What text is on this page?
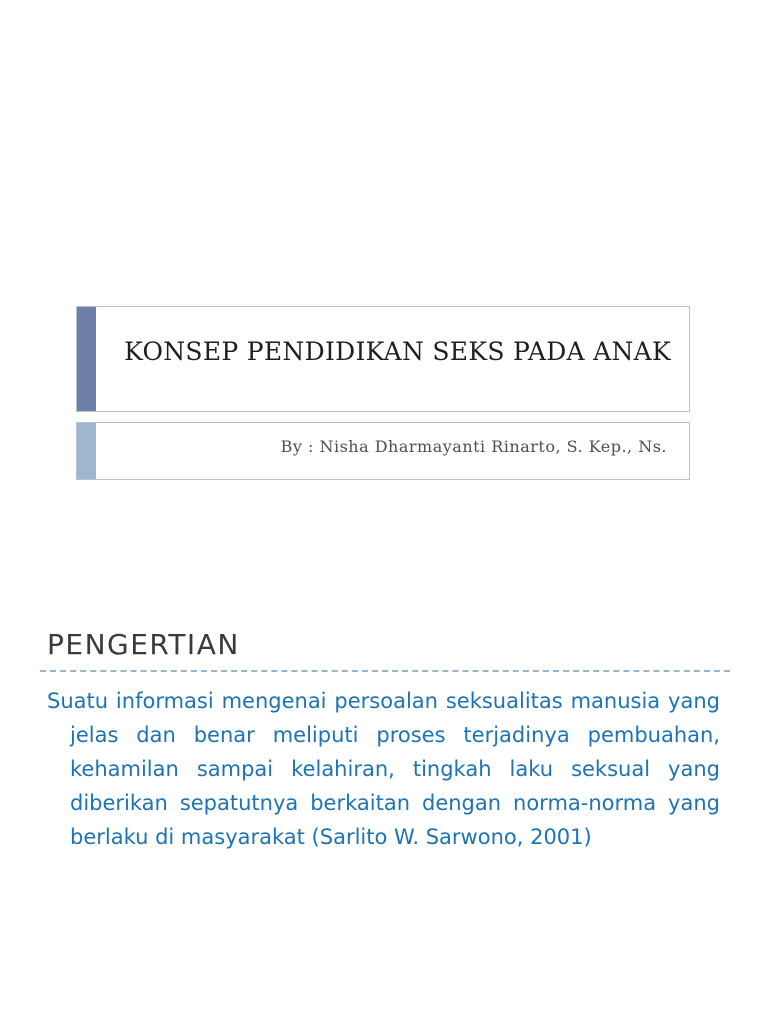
KONSEP PENDIDIKAN SEKS PADA ANAK
By : Nisha Dharmayanti Rinarto, S. Kep., Ns.
PENGERTIAN
Suatu informasi mengenai persoalan seksualitas manusia yang jelas dan benar meliputi proses terjadinya pembuahan, kehamilan sampai kelahiran, tingkah laku seksual yang diberikan sepatutnya berkaitan dengan norma-norma yang berlaku di masyarakat (Sarlito W. Sarwono, 2001)
